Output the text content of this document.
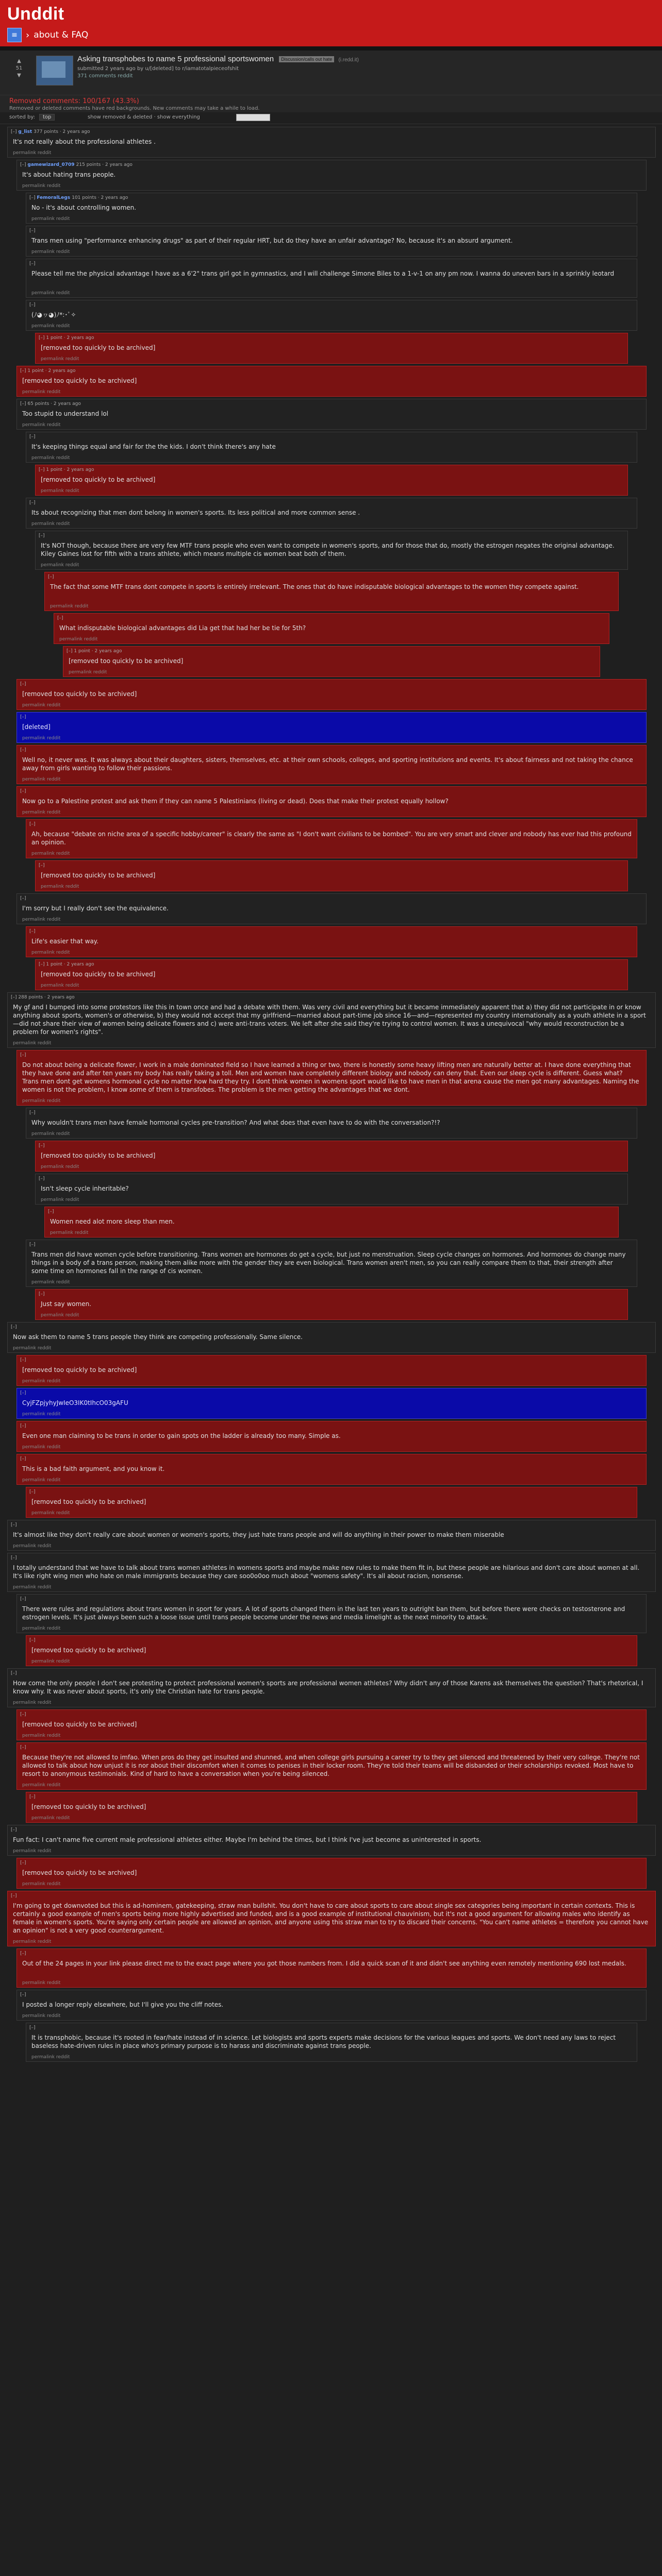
Unddit
≡ › about & FAQ
▲
51
▼
Asking transphobes to name 5 professional sportswomen Discussion/calls out hate (i.redd.it)
submitted 2 years ago by u/[deleted] to r/iamatotalpieceofshit
371 comments reddit
Removed comments: 100/167 (43.3%)
Removed or deleted comments have red backgrounds. New comments may take a while to load.
sorted by:	top	show removed & deleted · show everything
[–] g_list 377 points · 2 years ago
It's not really about the professional athletes .
permalink reddit
[–] gamewizard_0709 215 points · 2 years ago
It's about hating trans people.
permalink reddit
[–] FemoralLegs 101 points · 2 years ago
No - it's about controlling women.
permalink reddit
[–]
Trans men using "performance enhancing drugs" as part of their regular HRT, but do they have an unfair advantage? No, because it's an absurd argument.
permalink reddit
[–]
Please tell me the physical advantage I have as a 6'2" trans girl got in gymnastics, and I will challenge Simone Biles to a 1-v-1 on any pm now. I wanna do uneven bars in a sprinkly leotard
permalink reddit
[–]
(ﾉ◕ヮ◕)ﾉ*:･ﾟ✧
permalink reddit
[–] 1 point · 2 years ago
[removed too quickly to be archived]
permalink reddit
[–] 1 point · 2 years ago
[removed too quickly to be archived]
permalink reddit
[–] 65 points · 2 years ago
Too stupid to understand lol
permalink reddit
[–]
It's keeping things equal and fair for the the kids. I don't think there's any hate
permalink reddit
[–] 1 point · 2 years ago
[removed too quickly to be archived]
permalink reddit
[–]
Its about recognizing that men dont belong in women's sports. Its less political and more common sense .
permalink reddit
[–]
It's NOT though, because there are very few MTF trans people who even want to compete in women's sports, and for those that do, mostly the estrogen negates the original advantage. Kiley Gaines lost for fifth with a trans athlete, which means multiple cis women beat both of them.
permalink reddit
[–]
The fact that some MTF trans dont compete in sports is entirely irrelevant. The ones that do have indisputable biological advantages to the women they compete against.
permalink reddit
[–]
What indisputable biological advantages did Lia get that had her be tie for 5th?
permalink reddit
[–] 1 point · 2 years ago
[removed too quickly to be archived]
permalink reddit
[–]
[removed too quickly to be archived]
permalink reddit
[–]
[deleted]
permalink reddit
[–]
Well no, it never was. It was always about their daughters, sisters, themselves, etc. at their own schools, colleges, and sporting institutions and events. It's about fairness and not taking the chance away from girls wanting to follow their passions.
permalink reddit
[–]
Now go to a Palestine protest and ask them if they can name 5 Palestinians (living or dead). Does that make their protest equally hollow?
permalink reddit
[–]
Ah, because "debate on niche area of a specific hobby/career" is clearly the same as "I don't want civilians to be bombed". You are very smart and clever and nobody has ever had this profound an opinion.
permalink reddit
[–]
[removed too quickly to be archived]
permalink reddit
[–]
I'm sorry but I really don't see the equivalence.
permalink reddit
[–]
Life's easier that way.
permalink reddit
[–] 1 point · 2 years ago
[removed too quickly to be archived]
permalink reddit
[–] 288 points · 2 years ago
My gf and I bumped into some protestors like this in town once and had a debate with them. Was very civil and everything but it became immediately apparent that a) they did not participate in or know anything about sports, women's or otherwise, b) they would not accept that my girlfriend—married about part-time job since 16—and—represented my country internationally as a youth athlete in a sport—did not share their view of women being delicate flowers and c) were anti-trans voters. We left after she said they're trying to control women. It was a unequivocal "why would reconstruction be a problem for women's rights".
permalink reddit
[–]
Do not about being a delicate flower, I work in a male dominated field so I have learned a thing or two, there is honestly some heavy lifting men are naturally better at. I have done everything that they have done and after ten years my body has really taking a toll. Men and women have completely different biology and nobody can deny that. Even our sleep cycle is different. Guess what? Trans men dont get womens hormonal cycle no matter how hard they try. I dont think women in womens sport would like to have men in that arena cause the men got many advantages. Naming the women is not the problem, I know some of them is transfobes. The problem is the men getting the advantages that we dont.
permalink reddit
[–]
Why wouldn't trans men have female hormonal cycles pre-transition? And what does that even have to do with the conversation?!?
permalink reddit
[–]
[removed too quickly to be archived]
permalink reddit
[–]
Isn't sleep cycle inheritable?
permalink reddit
[–]
Women need alot more sleep than men.
permalink reddit
[–]
Trans men did have women cycle before transitioning. Trans women are hormones do get a cycle, but just no menstruation. Sleep cycle changes on hormones. And hormones do change many things in a body of a trans person, making them alike more with the gender they are even biological. Trans women aren't men, so you can really compare them to that, their strength after some time on hormones fall in the range of cis women.
permalink reddit
[–]
Just say women.
permalink reddit
[–]
Now ask them to name 5 trans people they think are competing professionally. Same silence.
permalink reddit
[–]
[removed too quickly to be archived]
permalink reddit
[–]
CyjFZpjyhyJwIeO3IK0tIhcO03gAFU
permalink reddit
[–]
Even one man claiming to be trans in order to gain spots on the ladder is already too many. Simple as.
permalink reddit
[–]
This is a bad faith argument, and you know it.
permalink reddit
[–]
[removed too quickly to be archived]
permalink reddit
[–]
It's almost like they don't really care about women or women's sports, they just hate trans people and will do anything in their power to make them miserable
permalink reddit
[–]
I totally understand that we have to talk about trans women athletes in womens sports and maybe make new rules to make them fit in, but these people are hilarious and don't care about women at all. It's like right wing men who hate on male immigrants because they care soo0o0oo much about "womens safety". It's all about racism, nonsense.
permalink reddit
[–]
There were rules and regulations about trans women in sport for years. A lot of sports changed them in the last ten years to outright ban them, but before there were checks on testosterone and estrogen levels. It's just always been such a loose issue until trans people become under the news and media limelight as the next minority to attack.
permalink reddit
[–]
[removed too quickly to be archived]
permalink reddit
[–]
How come the only people I don't see protesting to protect professional women's sports are professional women athletes? Why didn't any of those Karens ask themselves the question? That's rhetorical, I know why. It was never about sports, it's only the Christian hate for trans people.
permalink reddit
[–]
[removed too quickly to be archived]
permalink reddit
[–]
Because they're not allowed to imfao. When pros do they get insulted and shunned, and when college girls pursuing a career try to they get silenced and threatened by their very college. They're not allowed to talk about how unjust it is nor about their discomfort when it comes to penises in their locker room. They're told their teams will be disbanded or their scholarships revoked. Most have to resort to anonymous testimonials. Kind of hard to have a conversation when you're being silenced.
permalink reddit
[–]
[removed too quickly to be archived]
permalink reddit
[–]
Fun fact: I can't name five current male professional athletes either. Maybe I'm behind the times, but I think I've just become as uninterested in sports.
permalink reddit
[–]
[removed too quickly to be archived]
permalink reddit
[–]
I'm going to get downvoted but this is ad-hominem, gatekeeping, straw man bullshit. You don't have to care about sports to care about single sex categories being important in certain contexts. This is certainly a good example of men's sports being more highly advertised and funded, and is a good example of institutional chauvinism, but it's not a good argument for allowing males who identify as female in women's sports. You're saying only certain people are allowed an opinion, and anyone using this straw man to try to discard their concerns. "You can't name athletes = therefore you cannot have an opinion" is not a very good counterargument.
permalink reddit
[–]
Out of the 24 pages in your link please direct me to the exact page where you got those numbers from. I did a quick scan of it and didn't see anything even remotely mentioning 690 lost medals.
permalink reddit
[–]
I posted a longer reply elsewhere, but I'll give you the cliff notes.
permalink reddit
[–]
It is transphobic, because it's rooted in fear/hate instead of in science. Let biologists and sports experts make decisions for the various leagues and sports. We don't need any laws to reject baseless hate-driven rules in place who's primary purpose is to harass and discriminate against trans people.
permalink reddit
